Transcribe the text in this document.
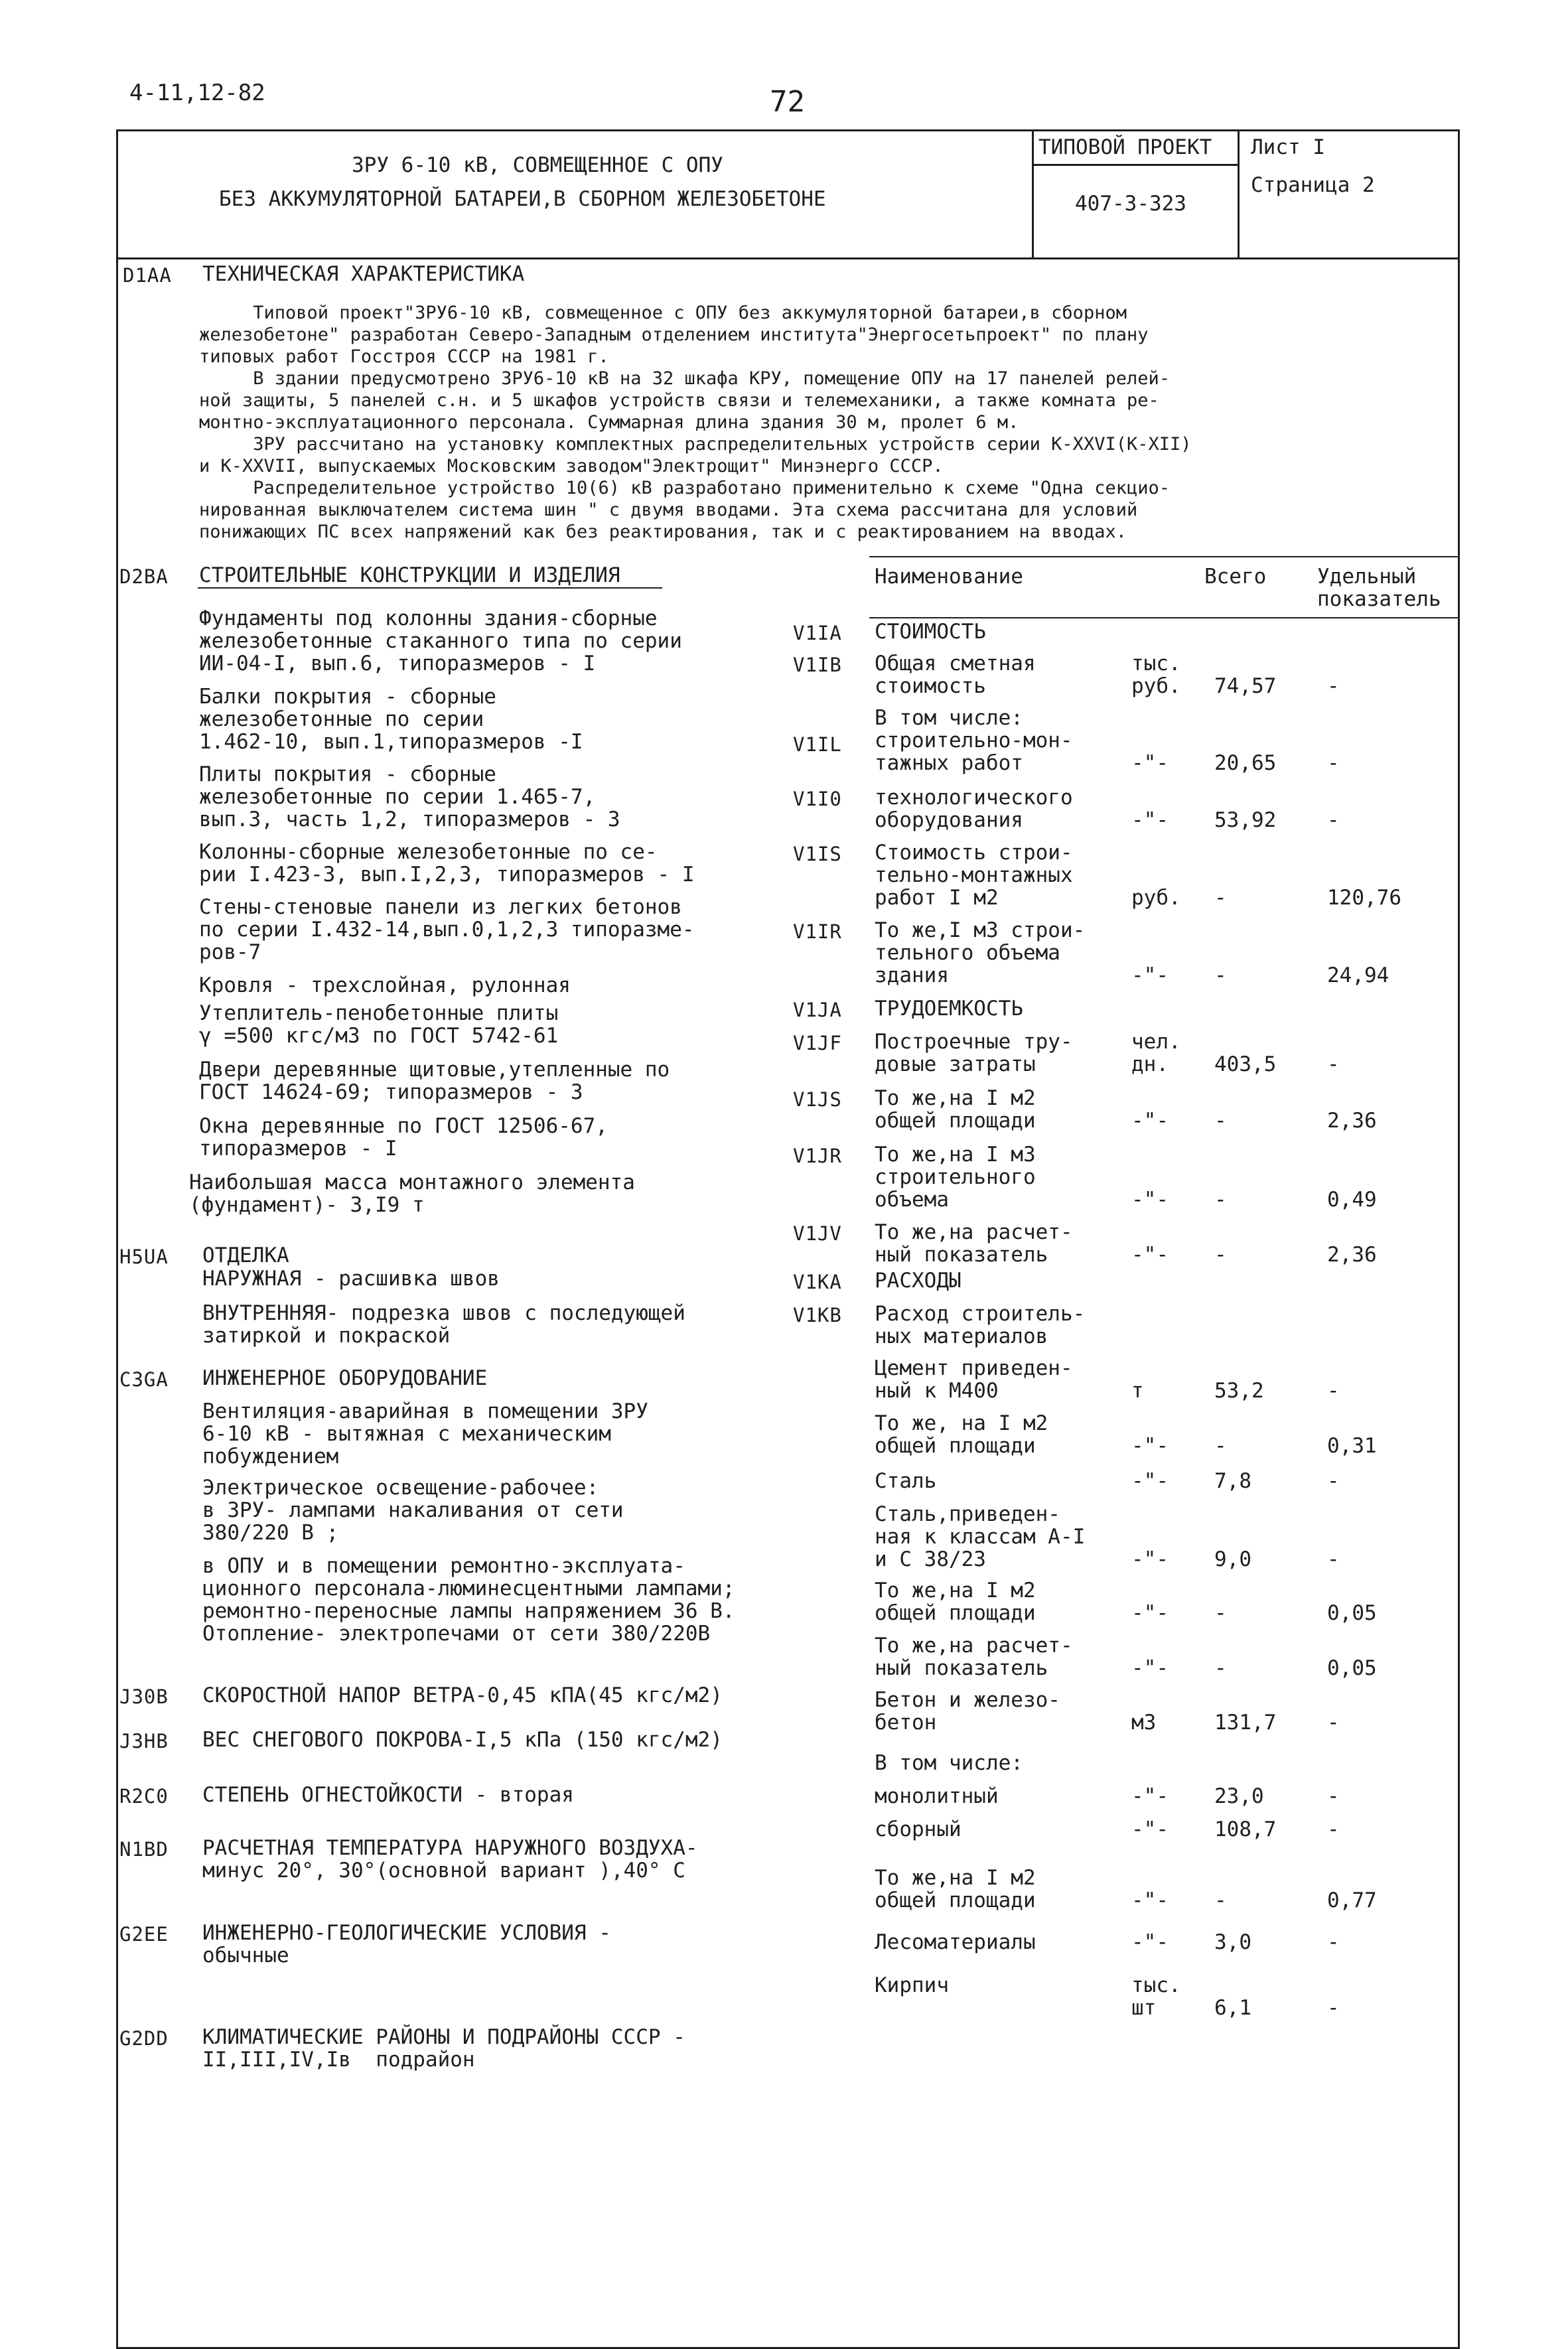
4-11,12-82	72
ЗРУ 6-10 кВ, СОВМЕЩЕННОЕ С ОПУ
БЕЗ АККУМУЛЯТОРНОЙ БАТАРЕИ,В СБОРНОМ ЖЕЛЕЗОБЕТОНЕ
ТИПОВОЙ ПРОЕКТ
407-3-323
Лист I
Страница 2
D1AA ТЕХНИЧЕСКАЯ ХАРАКТЕРИСТИКА
Типовой проект"ЗРУ6-10 кВ, совмещенное с ОПУ без аккумуляторной батареи,в сборном
железобетоне" разработан Северо-Западным отделением института"Энергосетьпроект" по плану
типовых работ Госстроя СССР на 1981 г.
В здании предусмотрено ЗРУ6-10 кВ на 32 шкафа КРУ, помещение ОПУ на 17 панелей релей-
ной защиты, 5 панелей с.н. и 5 шкафов устройств связи и телемеханики, а также комната ре-
монтно-эксплуатационного персонала. Суммарная длина здания 30 м, пролет 6 м.
ЗРУ рассчитано на установку комплектных распределительных устройств серии К-XXVI(К-XII)
и К-XXVII, выпускаемых Московским заводом"Электрощит" Минэнерго СССР.
Распределительное устройство 10(6) кВ разработано применительно к схеме "Одна секцио-
нированная выключателем система шин " с двумя вводами. Эта схема рассчитана для условий
понижающих ПС всех напряжений как без реактирования, так и с реактированием на вводах.
D2BA СТРОИТЕЛЬНЫЕ КОНСТРУКЦИИ И ИЗДЕЛИЯ
Фундаменты под колонны здания-сборные
железобетонные стаканного типа по серии
ИИ-04-I, вып.6, типоразмеров - I
Балки покрытия - сборные
железобетонные по серии
1.462-10, вып.1,типоразмеров -I
Плиты покрытия - сборные
железобетонные по серии 1.465-7,
вып.3, часть 1,2, типоразмеров - 3
Колонны-сборные железобетонные по се-
рии I.423-3, вып.I,2,3, типоразмеров - I
Стены-стеновые панели из легких бетонов
по серии I.432-14,вып.0,1,2,3 типоразме-
ров-7
Кровля - трехслойная, рулонная
Утеплитель-пенобетонные плиты
γ =500 кгс/м3 по ГОСТ 5742-61
Двери деревянные щитовые,утепленные по
ГОСТ 14624-69; типоразмеров - 3
Окна деревянные по ГОСТ 12506-67,
типоразмеров - I
Наибольшая масса монтажного элемента
(фундамент)- 3,I9 т
H5UA ОТДЕЛКА
НАРУЖНАЯ - расшивка швов
ВНУТРЕННЯЯ- подрезка швов с последующей
затиркой и покраской
C3GA ИНЖЕНЕРНОЕ ОБОРУДОВАНИЕ
Вентиляция-аварийная в помещении ЗРУ
6-10 кВ - вытяжная с механическим
побуждением
Электрическое освещение-рабочее:
в ЗРУ- лампами накаливания от сети
380/220 В ;
в ОПУ и в помещении ремонтно-эксплуата-
ционного персонала-люминесцентными лампами;
ремонтно-переносные лампы напряжением 36 В.
Отопление- электропечами от сети 380/220В
J30B СКОРОСТНОЙ НАПОР ВЕТРА-0,45 кПА(45 кгс/м2)
J3HB ВЕС СНЕГОВОГО ПОКРОВА-I,5 кПа (150 кгс/м2)
R2C0 СТЕПЕНЬ ОГНЕСТОЙКОСТИ - вторая
N1BD РАСЧЕТНАЯ ТЕМПЕРАТУРА НАРУЖНОГО ВОЗДУХА-
минус 20°, 30°(основной вариант ),40° С
G2EE ИНЖЕНЕРНО-ГЕОЛОГИЧЕСКИЕ УСЛОВИЯ -
обычные
G2DD КЛИМАТИЧЕСКИЕ РАЙОНЫ И ПОДРАЙОНЫ СССР -
II,III,IV,Iв  подрайон
Наименование	Всего Удельный
показатель
V1IA СТОИМОСТЬ
V1IB Общая сметная
стоимость
тыс.
руб. 74,57 -
В том числе:
V1IL строительно-мон-
тажных работ	-"- 20,65 -
V1I0 технологического
оборудования	-"- 53,92 -
V1IS Стоимость строи-
тельно-монтажных
работ I м2	руб. -	120,76
V1IR То же,I м3 строи-
тельного объема
здания	-"- -	24,94
V1JA ТРУДОЕМКОСТЬ
V1JF Построечные тру-
довые затраты
чел.
дн.	403,5 -
V1JS То же,на I м2
общей площади	-"- -	2,36
V1JR То же,на I м3
строительного
объема	-"- -	0,49
V1JV То же,на расчет-
ный показатель	-"- -	2,36
V1KA РАСХОДЫ
V1KB Расход строитель-
ных материалов
Цемент приведен-
ный к М400	т	53,2	-
То же, на I м2
общей площади	-"- -	0,31
Сталь	-"- 7,8	-
Сталь,приведен-
ная к классам А-I
и С 38/23	-"- 9,0	-
То же,на I м2
общей площади	-"- -	0,05
То же,на расчет-
ный показатель	-"- -	0,05
Бетон и железо-
бетон	м3	131,7 -
В том числе:
монолитный	-"- 23,0	-
сборный	-"- 108,7 -
То же,на I м2
общей площади	-"- -	0,77
Лесоматериалы	-"- 3,0	-
Кирпич	тыс.
шт	6,1	-
